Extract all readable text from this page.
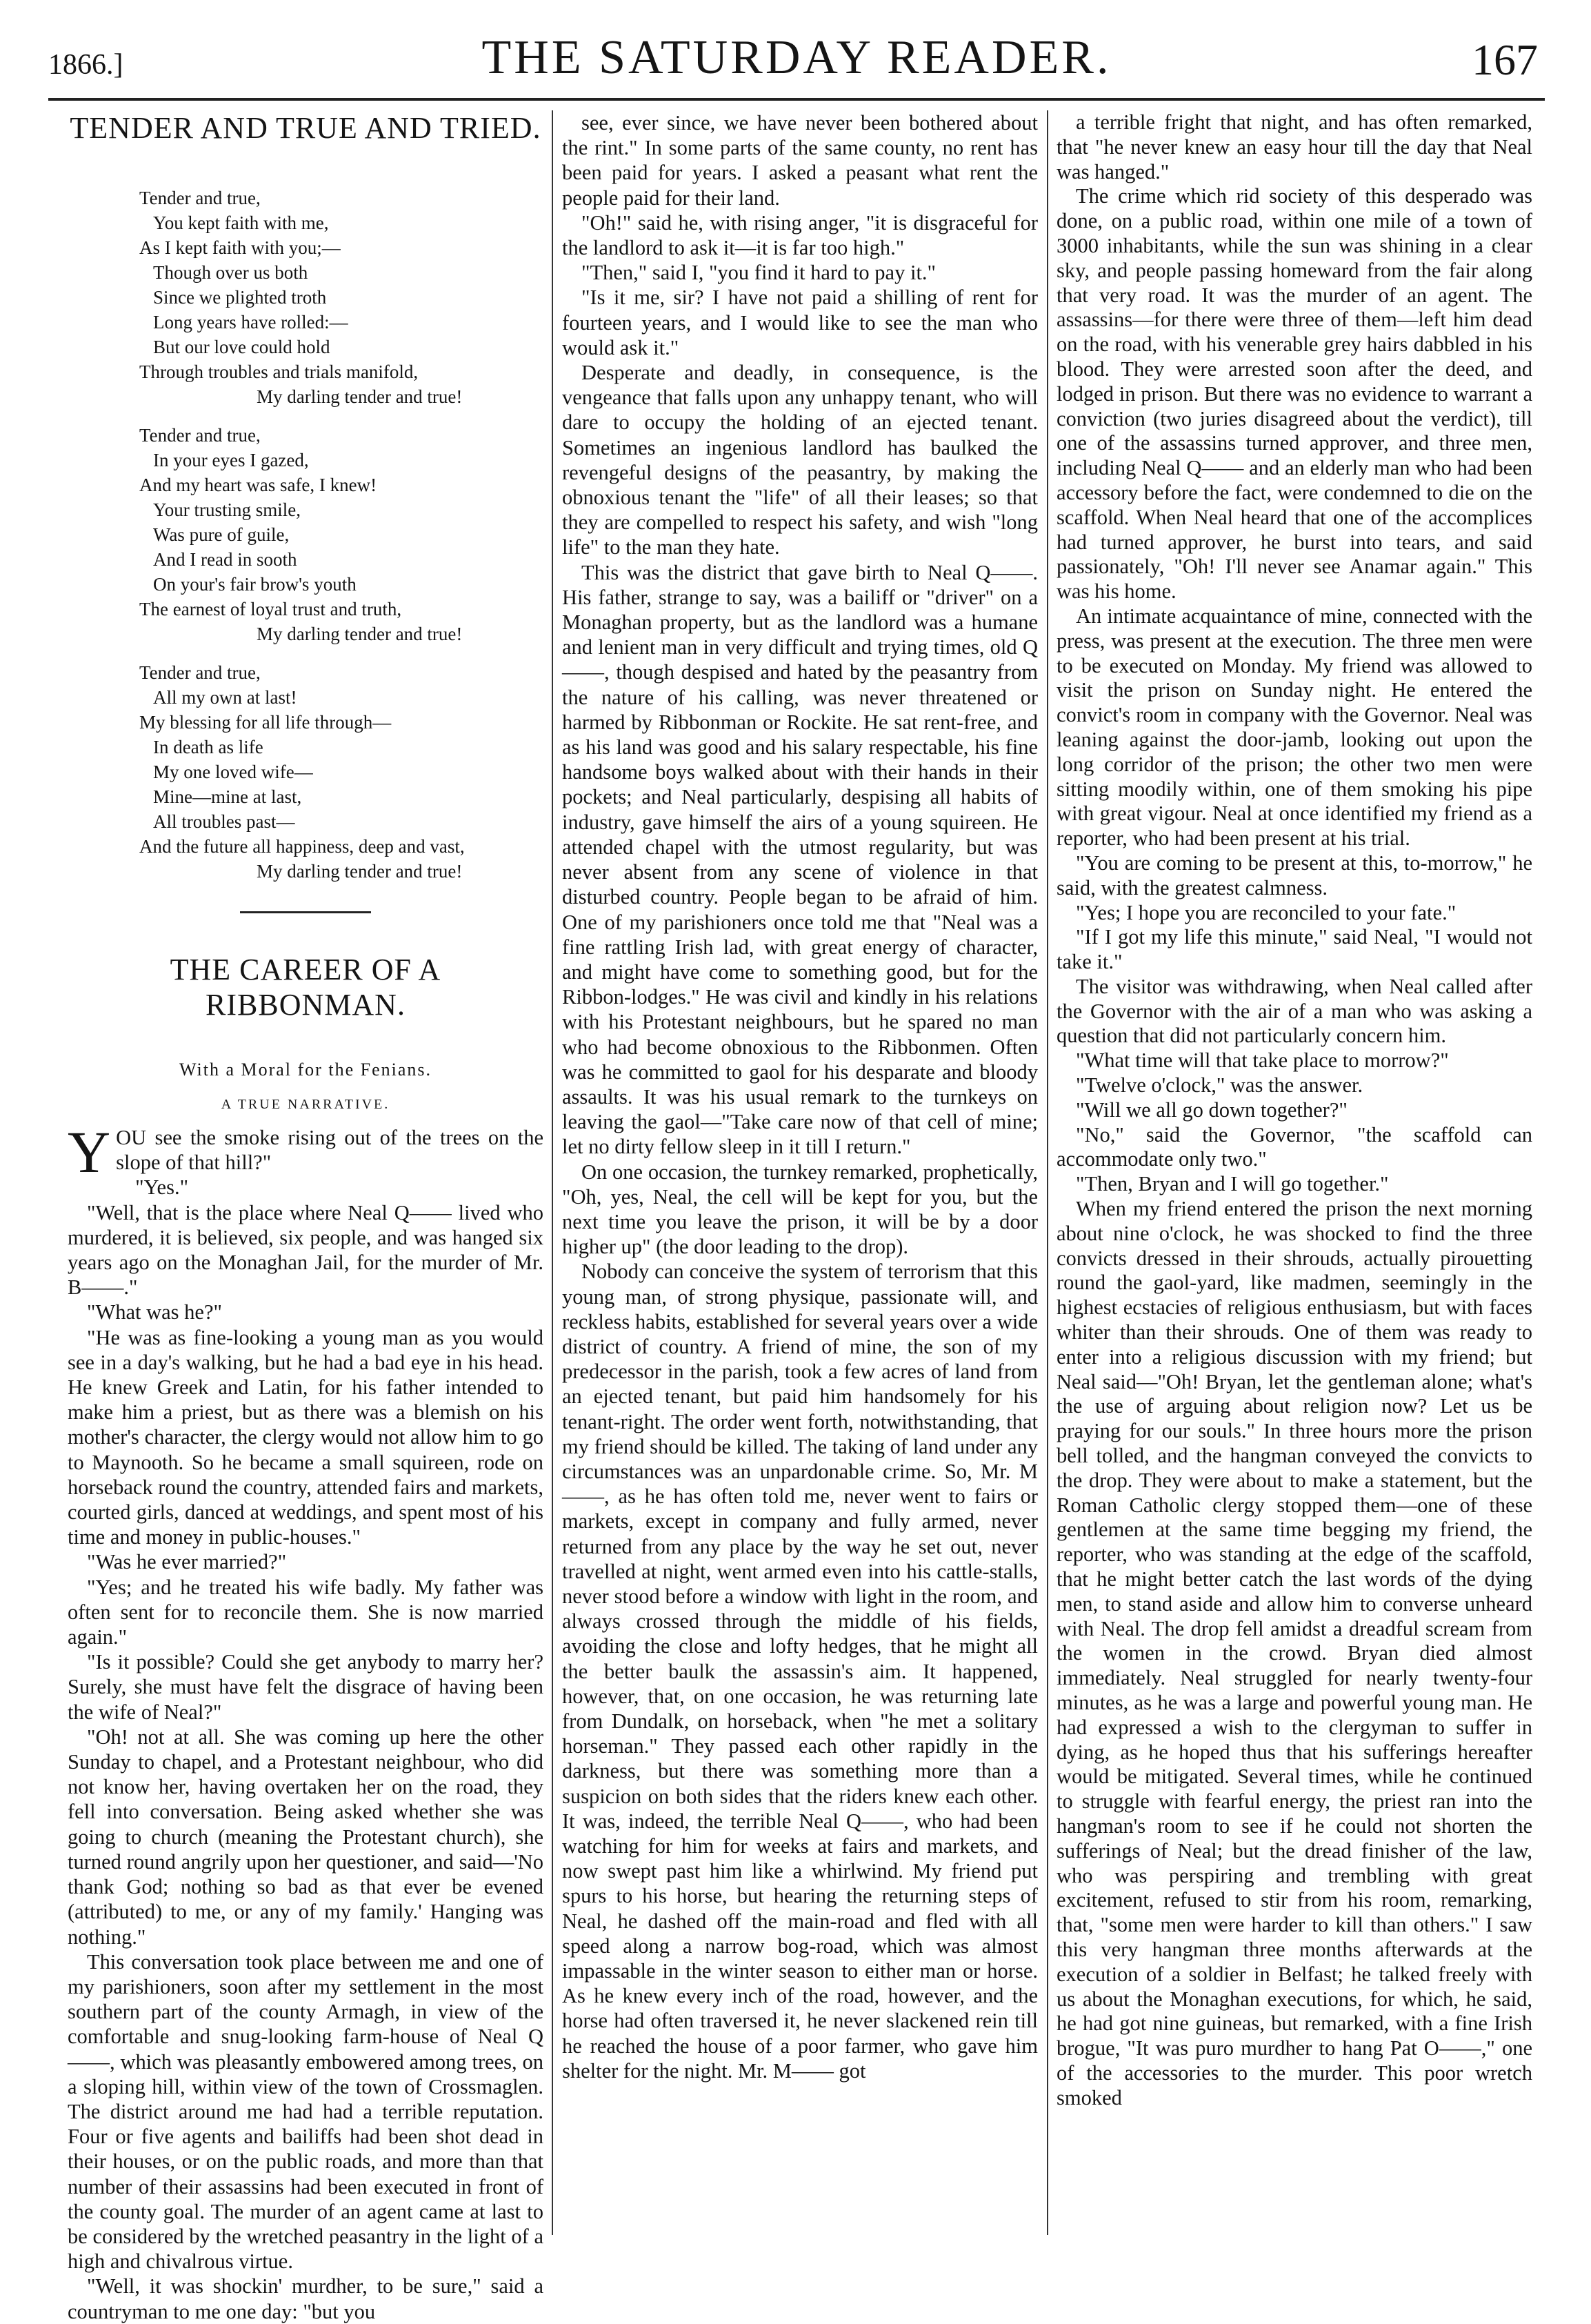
1866.]	THE SATURDAY READER.	167
TENDER AND TRUE AND TRIED.
Tender and true,
You kept faith with me,
As I kept faith with you;—
Though over us both
Since we plighted troth
Long years have rolled:—
But our love could hold
Through troubles and trials manifold,
My darling tender and true!
Tender and true,
In your eyes I gazed,
And my heart was safe, I knew!
Your trusting smile,
Was pure of guile,
And I read in sooth
On your's fair brow's youth
The earnest of loyal trust and truth,
My darling tender and true!
Tender and true,
All my own at last!
My blessing for all life through—
In death as life
My one loved wife—
Mine—mine at last,
All troubles past—
And the future all happiness, deep and vast,
My darling tender and true!
THE CAREER OF A RIBBONMAN.
With a Moral for the Fenians.
A TRUE NARRATIVE.
Y OU see the smoke rising out of the trees on the slope of that hill?"

"Yes."

"Well, that is the place where Neal Q—— lived who murdered, it is believed, six people, and was hanged six years ago on the Monaghan Jail, for the murder of Mr. B——."

"What was he?"

"He was as fine-looking a young man as you would see in a day's walking, but he had a bad eye in his head. He knew Greek and Latin, for his father intended to make him a priest, but as there was a blemish on his mother's character, the clergy would not allow him to go to Maynooth. So he became a small squireen, rode on horseback round the country, attended fairs and markets, courted girls, danced at weddings, and spent most of his time and money in public-houses."

"Was he ever married?"

"Yes; and he treated his wife badly. My father was often sent for to reconcile them. She is now married again."

"Is it possible? Could she get anybody to marry her? Surely, she must have felt the disgrace of having been the wife of Neal?"

"Oh! not at all. She was coming up here the other Sunday to chapel, and a Protestant neighbour, who did not know her, having overtaken her on the road, they fell into conversation. Being asked whether she was going to church (meaning the Protestant church), she turned round angrily upon her questioner, and said—'No thank God; nothing so bad as that ever be evened (attributed) to me, or any of my family.' Hanging was nothing."

This conversation took place between me and one of my parishioners, soon after my settlement in the most southern part of the county Armagh, in view of the comfortable and snug-looking farm-house of Neal Q——, which was pleasantly embowered among trees, on a sloping hill, within view of the town of Crossmaglen. The district around me had had a terrible reputation. Four or five agents and bailiffs had been shot dead in their houses, or on the public roads, and more than that number of their assassins had been executed in front of the county goal. The murder of an agent came at last to be considered by the wretched peasantry in the light of a high and chivalrous virtue.

"Well, it was shockin' murdher, to be sure," said a countryman to me one day: "but you

see, ever since, we have never been bothered about the rint." In some parts of the same county, no rent has been paid for years. I asked a peasant what rent the people paid for their land.

"Oh!" said he, with rising anger, "it is disgraceful for the landlord to ask it—it is far too high."

"Then," said I, "you find it hard to pay it."

"Is it me, sir? I have not paid a shilling of rent for fourteen years, and I would like to see the man who would ask it."

Desperate and deadly, in consequence, is the vengeance that falls upon any unhappy tenant, who will dare to occupy the holding of an ejected tenant. Sometimes an ingenious landlord has baulked the revengeful designs of the peasantry, by making the obnoxious tenant the "life" of all their leases; so that they are compelled to respect his safety, and wish "long life" to the man they hate.

This was the district that gave birth to Neal Q——. His father, strange to say, was a bailiff or "driver" on a Monaghan property, but as the landlord was a humane and lenient man in very difficult and trying times, old Q——, though despised and hated by the peasantry from the nature of his calling, was never threatened or harmed by Ribbonman or Rockite. He sat rent-free, and as his land was good and his salary respectable, his fine handsome boys walked about with their hands in their pockets; and Neal particularly, despising all habits of industry, gave himself the airs of a young squireen. He attended chapel with the utmost regularity, but was never absent from any scene of violence in that disturbed country. People began to be afraid of him. One of my parishioners once told me that "Neal was a fine rattling Irish lad, with great energy of character, and might have come to something good, but for the Ribbon-lodges." He was civil and kindly in his relations with his Protestant neighbours, but he spared no man who had become obnoxious to the Ribbonmen. Often was he committed to gaol for his desparate and bloody assaults. It was his usual remark to the turnkeys on leaving the gaol—"Take care now of that cell of mine; let no dirty fellow sleep in it till I return."

On one occasion, the turnkey remarked, prophetically, "Oh, yes, Neal, the cell will be kept for you, but the next time you leave the prison, it will be by a door higher up" (the door leading to the drop).

Nobody can conceive the system of terrorism that this young man, of strong physique, passionate will, and reckless habits, established for several years over a wide district of country. A friend of mine, the son of my predecessor in the parish, took a few acres of land from an ejected tenant, but paid him handsomely for his tenant-right. The order went forth, notwithstanding, that my friend should be killed. The taking of land under any circumstances was an unpardonable crime. So, Mr. M——, as he has often told me, never went to fairs or markets, except in company and fully armed, never returned from any place by the way he set out, never travelled at night, went armed even into his cattle-stalls, never stood before a window with light in the room, and always crossed through the middle of his fields, avoiding the close and lofty hedges, that he might all the better baulk the assassin's aim. It happened, however, that, on one occasion, he was returning late from Dundalk, on horseback, when "he met a solitary horseman." They passed each other rapidly in the darkness, but there was something more than a suspicion on both sides that the riders knew each other. It was, indeed, the terrible Neal Q——, who had been watching for him for weeks at fairs and markets, and now swept past him like a whirlwind. My friend put spurs to his horse, but hearing the returning steps of Neal, he dashed off the main-road and fled with all speed along a narrow bog-road, which was almost impassable in the winter season to either man or horse. As he knew every inch of the road, however, and the horse had often traversed it, he never slackened rein till he reached the house of a poor farmer, who gave him shelter for the night. Mr. M—— got

a terrible fright that night, and has often remarked, that "he never knew an easy hour till the day that Neal was hanged."

The crime which rid society of this desperado was done, on a public road, within one mile of a town of 3000 inhabitants, while the sun was shining in a clear sky, and people passing homeward from the fair along that very road. It was the murder of an agent. The assassins—for there were three of them—left him dead on the road, with his venerable grey hairs dabbled in his blood. They were arrested soon after the deed, and lodged in prison. But there was no evidence to warrant a conviction (two juries disagreed about the verdict), till one of the assassins turned approver, and three men, including Neal Q—— and an elderly man who had been accessory before the fact, were condemned to die on the scaffold. When Neal heard that one of the accomplices had turned approver, he burst into tears, and said passionately, "Oh! I'll never see Anamar again." This was his home.

An intimate acquaintance of mine, connected with the press, was present at the execution. The three men were to be executed on Monday. My friend was allowed to visit the prison on Sunday night. He entered the convict's room in company with the Governor. Neal was leaning against the door-jamb, looking out upon the long corridor of the prison; the other two men were sitting moodily within, one of them smoking his pipe with great vigour. Neal at once identified my friend as a reporter, who had been present at his trial.

"You are coming to be present at this, to-morrow," he said, with the greatest calmness.

"Yes; I hope you are reconciled to your fate."

"If I got my life this minute," said Neal, "I would not take it."

The visitor was withdrawing, when Neal called after the Governor with the air of a man who was asking a question that did not particularly concern him.

"What time will that take place to morrow?"

"Twelve o'clock," was the answer.

"Will we all go down together?"

"No," said the Governor, "the scaffold can accommodate only two."

"Then, Bryan and I will go together."

When my friend entered the prison the next morning about nine o'clock, he was shocked to find the three convicts dressed in their shrouds, actually pirouetting round the gaol-yard, like madmen, seemingly in the highest ecstacies of religious enthusiasm, but with faces whiter than their shrouds. One of them was ready to enter into a religious discussion with my friend; but Neal said—"Oh! Bryan, let the gentleman alone; what's the use of arguing about religion now? Let us be praying for our souls." In three hours more the prison bell tolled, and the hangman conveyed the convicts to the drop. They were about to make a statement, but the Roman Catholic clergy stopped them—one of these gentlemen at the same time begging my friend, the reporter, who was standing at the edge of the scaffold, that he might better catch the last words of the dying men, to stand aside and allow him to converse unheard with Neal. The drop fell amidst a dreadful scream from the women in the crowd. Bryan died almost immediately. Neal struggled for nearly twenty-four minutes, as he was a large and powerful young man. He had expressed a wish to the clergyman to suffer in dying, as he hoped thus that his sufferings hereafter would be mitigated. Several times, while he continued to struggle with fearful energy, the priest ran into the hangman's room to see if he could not shorten the sufferings of Neal; but the dread finisher of the law, who was perspiring and trembling with great excitement, refused to stir from his room, remarking, that, "some men were harder to kill than others." I saw this very hangman three months afterwards at the execution of a soldier in Belfast; he talked freely with us about the Monaghan executions, for which, he said, he had got nine guineas, but remarked, with a fine Irish brogue, "It was puro murdher to hang Pat O——," one of the accessories to the murder. This poor wretch smoked
